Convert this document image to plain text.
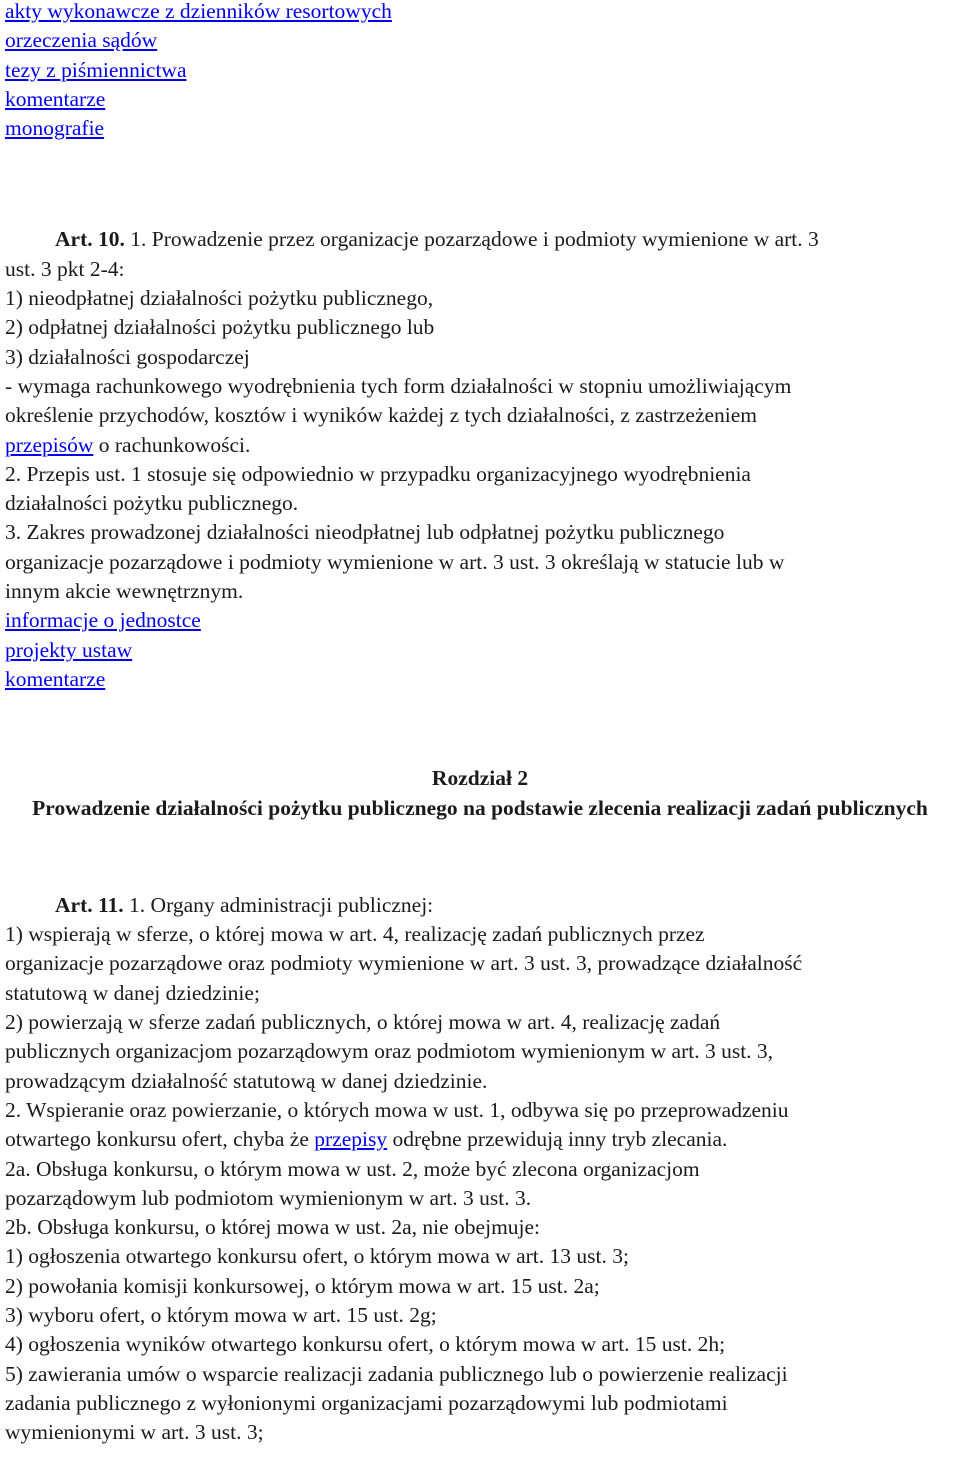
akty wykonawcze z dzienników resortowych
orzeczenia sądów
tezy z piśmiennictwa
komentarze
monografie
Art. 10. 1. Prowadzenie przez organizacje pozarządowe i podmioty wymienione w art. 3
ust. 3 pkt 2-4:
1) nieodpłatnej działalności pożytku publicznego,
2) odpłatnej działalności pożytku publicznego lub
3) działalności gospodarczej
- wymaga rachunkowego wyodrębnienia tych form działalności w stopniu umożliwiającym
określenie przychodów, kosztów i wyników każdej z tych działalności, z zastrzeżeniem
przepisów o rachunkowości.
2. Przepis ust. 1 stosuje się odpowiednio w przypadku organizacyjnego wyodrębnienia
działalności pożytku publicznego.
3. Zakres prowadzonej działalności nieodpłatnej lub odpłatnej pożytku publicznego
organizacje pozarządowe i podmioty wymienione w art. 3 ust. 3 określają w statucie lub w
innym akcie wewnętrznym.
informacje o jednostce
projekty ustaw
komentarze
Rozdział 2
Prowadzenie działalności pożytku publicznego na podstawie zlecenia realizacji zadań publicznych
Art. 11. 1. Organy administracji publicznej:
1) wspierają w sferze, o której mowa w art. 4, realizację zadań publicznych przez
organizacje pozarządowe oraz podmioty wymienione w art. 3 ust. 3, prowadzące działalność
statutową w danej dziedzinie;
2) powierzają w sferze zadań publicznych, o której mowa w art. 4, realizację zadań
publicznych organizacjom pozarządowym oraz podmiotom wymienionym w art. 3 ust. 3,
prowadzącym działalność statutową w danej dziedzinie.
2. Wspieranie oraz powierzanie, o których mowa w ust. 1, odbywa się po przeprowadzeniu
otwartego konkursu ofert, chyba że przepisy odrębne przewidują inny tryb zlecania.
2a. Obsługa konkursu, o którym mowa w ust. 2, może być zlecona organizacjom
pozarządowym lub podmiotom wymienionym w art. 3 ust. 3.
2b. Obsługa konkursu, o której mowa w ust. 2a, nie obejmuje:
1) ogłoszenia otwartego konkursu ofert, o którym mowa w art. 13 ust. 3;
2) powołania komisji konkursowej, o którym mowa w art. 15 ust. 2a;
3) wyboru ofert, o którym mowa w art. 15 ust. 2g;
4) ogłoszenia wyników otwartego konkursu ofert, o którym mowa w art. 15 ust. 2h;
5) zawierania umów o wsparcie realizacji zadania publicznego lub o powierzenie realizacji
zadania publicznego z wyłonionymi organizacjami pozarządowymi lub podmiotami
wymienionymi w art. 3 ust. 3;
